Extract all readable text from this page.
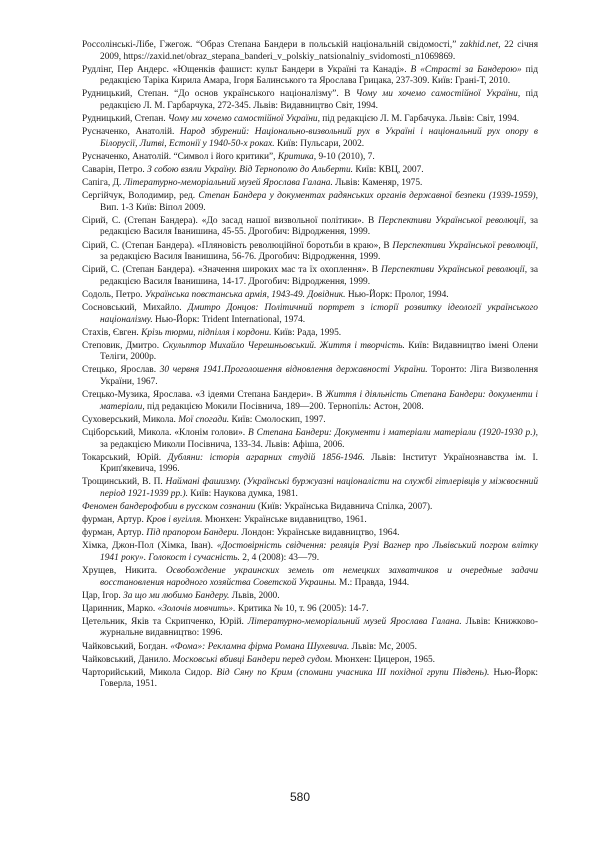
Россолінські-Лібе, Гжегож. “Образ Степана Бандери в польській національній свідомості,” zakhid.net, 22 січня 2009, https://zaxid.net/obraz_stepana_banderi_v_polskiy_natsionalniy_svidomosti_n1069869.

Рудлінг, Пер Андерс. «Ющенків фашист: культ Бандери в Україні та Канаді». В «Страсті за Бандерою» під редакцією Таріка Кирила Амара, Ігоря Балинського та Ярослава Грицака, 237-309. Київ: Грані-Т, 2010.

Рудницький, Степан. “До основ українського націоналізму”. В Чому ми хочемо самостійної України, під редакцією Л. М. Гарбарчука, 272-345. Львів: Видавництво Світ, 1994.

Рудницький, Степан. Чому ми хочемо самостійної України, під редакцією Л. М. Гарбачука. Львів: Світ, 1994.

Русначенко, Анатолій. Народ збурений: Національно-визвольний рух в Україні і національний рух опору в Білорусії, Литві, Естонії у 1940-50-х роках. Київ: Пульсари, 2002.

Русначенко, Анатолій. “Символ і його критики”, Критика, 9-10 (2010), 7.

Саварін, Петро. З собою взяли Україну. Від Тернополю до Альберти. Київ: КВЦ, 2007.

Сапіга, Д. Літературно-меморіальний музей Ярослава Галана. Львів: Каменяр, 1975.

Сергійчук, Володимир, ред. Степан Бандера у документах радянських органів державної безпеки (1939-1959), Вип. 1-3 Київ: Віпол 2009.

Сірий, С. (Степан Бандера). «До засад нашої визвольної політики». В Перспективи Української революції, за редакцією Василя Іванишина, 45-55. Дрогобич: Відродження, 1999.

Сірий, С. (Степан Бандера). «Пляновість революційної боротьби в краю», В Перспективи Української революції, за редакцією Василя Іванишина, 56-76. Дрогобич: Відродження, 1999.

Сірий, С. (Степан Бандера). «Значення широких мас та їх охоплення». В Перспективи Української революції, за редакцією Василя Іванишина, 14-17. Дрогобич: Відродження, 1999.

Содоль, Петро. Українська повстанська армія, 1943-49. Довідник. Нью-Йорк: Пролог, 1994.

Сосновський, Михайло. Дмитро Донцов: Політичний портрет з історії розвитку ідеології українського націоналізму. Нью-Йорк: Trident International, 1974.

Стахів, Євген. Крізь тюрми, підпілля і кордони. Київ: Рада, 1995.

Степовик, Дмитро. Скульптор Михайло Черешньовський. Життя і творчість. Київ: Видавництво імені Олени Теліги, 2000р.

Стецько, Ярослав. 30 червня 1941.Проголошення відновлення державності України. Торонто: Ліга Визволення України, 1967.

Стецько-Музика, Ярослава. «З ідеями Степана Бандери». В Життя і діяльність Степана Бандери: документи і матеріали, під редакцією Мокили Посівнича, 189—200. Тернопіль: Астон, 2008.

Суховерський, Микола. Мої спогади. Київ: Смолоскип, 1997.

Сціборський, Микола. «Клонім голови». В Степана Бандери: Документи і матеріали матеріали (1920-1930 р.), за редакцією Миколи Посівнича, 133-34. Львів: Афіша, 2006.

Токарський, Юрій. Дубляни: історія аграрних студій 1856-1946. Львів: Інститут Українознавства ім. І. Крип'якевича, 1996.

Трощинський, В. П. Наймані фашизму. (Українські буржуазні націоналісти на службі гітлерівців у міжвоєнний період 1921-1939 рр.). Київ: Наукова думка, 1981.

Феномен бандерофобии в русском сознании (Київ: Українська Видавнича Спілка, 2007).

фурман, Артур. Кров і вугілля. Мюнхен: Українське видавництво, 1961.

фурман, Артур. Під прапором Бандери. Лондон: Українське видавництво, 1964.

Хімка, Джон-Пол (Хімка, Іван). «Достовірність свідчення: реляція Рузі Вагнер про Львівський погром влітку 1941 року». Голокост і сучасність. 2, 4 (2008): 43—79.

Хрущев, Никита. Освобождение украинских земель от немецких захватчиков и очередные задачи восстановления народного хозяйства Советской Украины. М.: Правда, 1944.

Цар, Ігор. За що ми любимо Бандеру. Львів, 2000.

Царинник, Марко. «Золочів мовчить». Критика № 10, т. 96 (2005): 14-7.

Цетельник, Яків та Скрипченко, Юрій. Літературно-меморіальний музей Ярослава Галана. Львів: Книжково-журнальне видавництво: 1996.

Чайковський, Богдан. «Фома»: Рекламна фірма Романа Шухевича. Львів: Мс, 2005.

Чайковський, Данило. Московські вбивці Бандери перед судом. Мюнхен: Цицерон, 1965.

Чарторийський, Микола Сидор. Від Сяну по Крим (спомини учасника ІІІ похідної групи Південь). Нью-Йорк: Говерла, 1951.

580
